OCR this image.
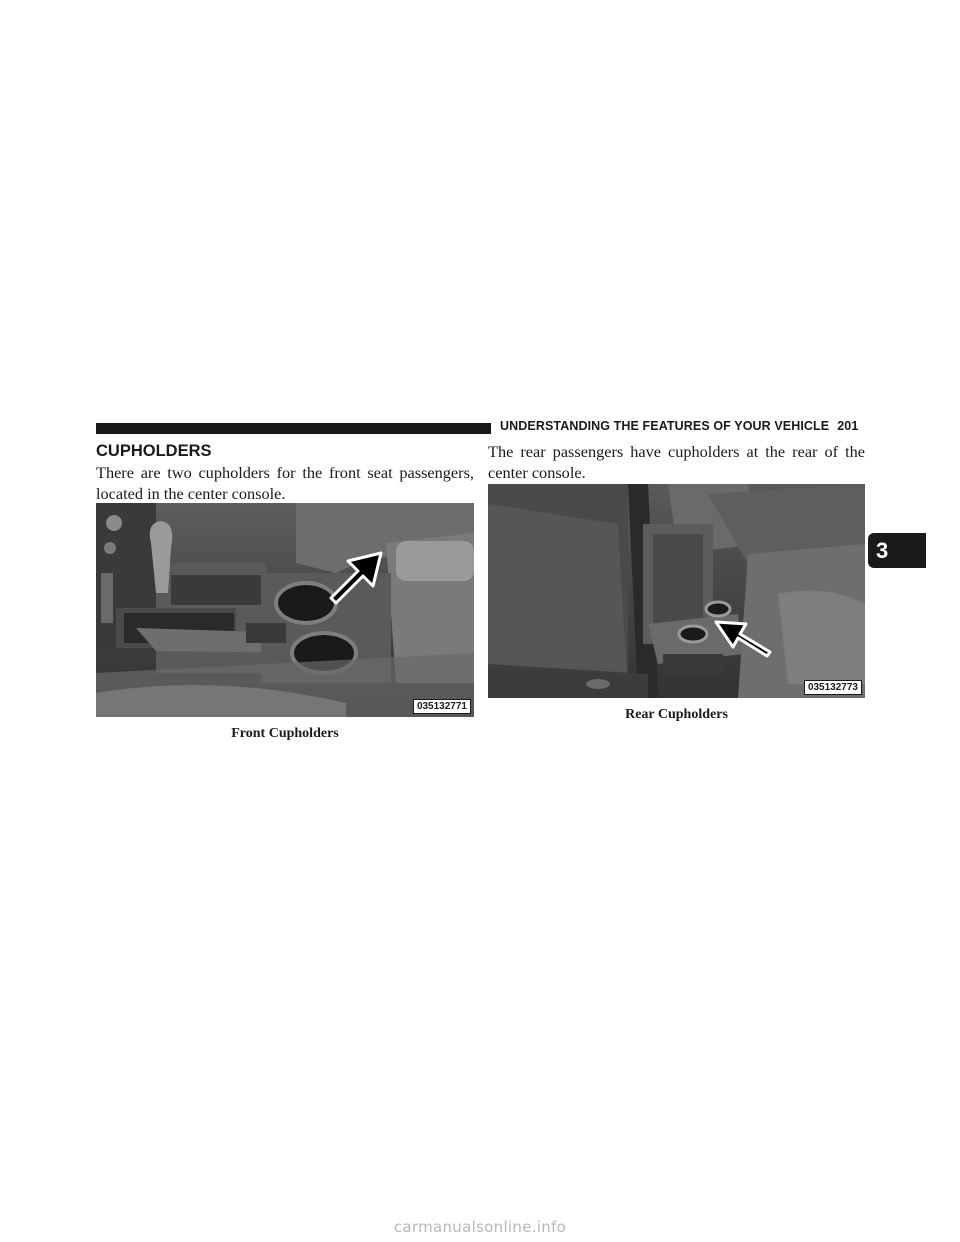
UNDERSTANDING THE FEATURES OF YOUR VEHICLE 201
CUPHOLDERS

There are two cupholders for the front seat passengers, located in the center console.

The rear passengers have cupholders at the rear of the center console.

035132771
Front Cupholders
035132773
Rear Cupholders
3
carmanualsonline.info
